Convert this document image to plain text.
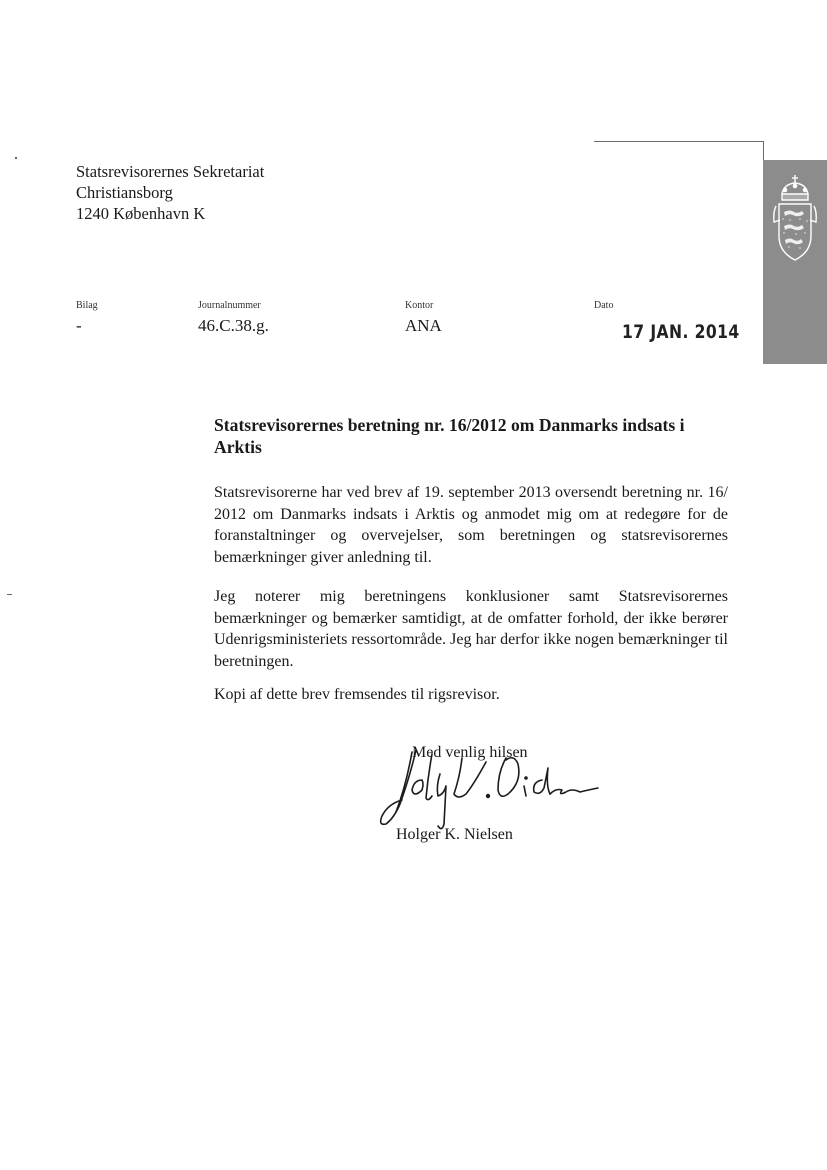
Statsrevisorernes Sekretariat
Christiansborg
1240 København K
Bilag
-
Journalnummer
46.C.38.g.
Kontor
ANA
Dato
17 JAN. 2014
Statsrevisorernes beretning nr. 16/2012 om Danmarks indsats i Arktis
Statsrevisorerne har ved brev af 19. september 2013 oversendt beretning nr. 16/ 2012 om Danmarks indsats i Arktis og anmodet mig om at redegøre for de foranstaltninger og overvejelser, som beretningen og statsrevisorernes bemærkninger giver anledning til.
Jeg noterer mig beretningens konklusioner samt Statsrevisorernes bemærkninger og bemærker samtidigt, at de omfatter forhold, der ikke berører Udenrigsministeriets ressortområde. Jeg har derfor ikke nogen bemærkninger til beretningen.
Kopi af dette brev fremsendes til rigsrevisor.
Med venlig hilsen
Holger K. Nielsen
